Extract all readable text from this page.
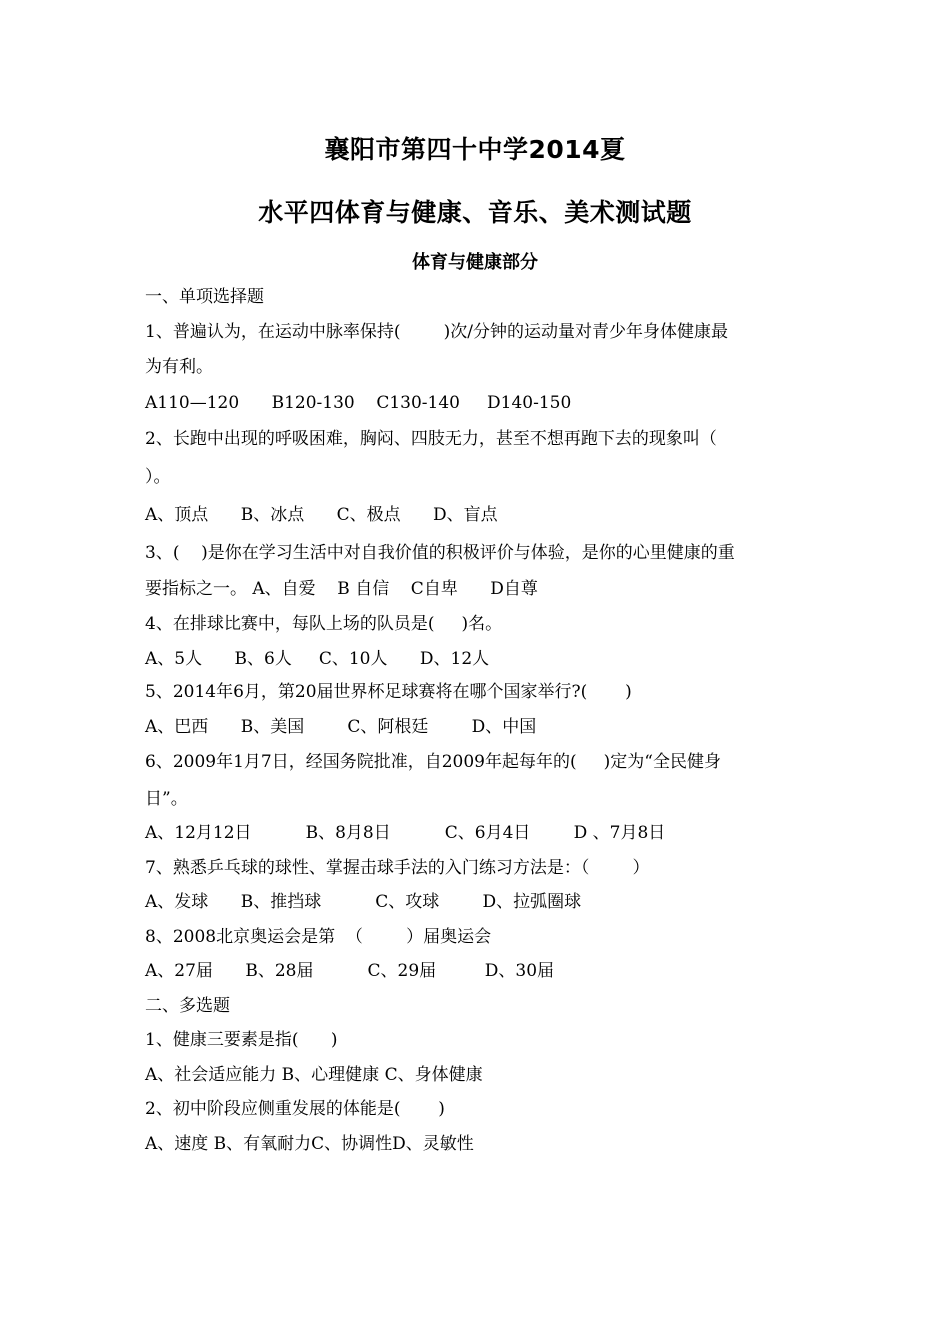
襄阳市第四十中学2014夏
水平四体育与健康、音乐、美术测试题
体育与健康部分
一、单项选择题
1、普遍认为，在运动中脉率保持(        )次/分钟的运动量对青少年身体健康最
为有利。
A110—120      B120-130    C130-140     D140-150
2、长跑中出现的呼吸困难，胸闷、四肢无力，甚至不想再跑下去的现象叫（
）。
A、顶点      B、冰点      C、极点      D、盲点
3、(    )是你在学习生活中对自我价值的积极评价与体验，是你的心里健康的重
要指标之一。 A、自爱    B 自信    C自卑      D自尊
4、在排球比赛中，每队上场的队员是(     )名。
A、5人      B、6人     C、10人      D、12人
5、2014年6月，第20届世界杯足球赛将在哪个国家举行?(       )
A、巴西      B、美国        C、阿根廷        D、中国
6、2009年1月7日，经国务院批准，自2009年起每年的(     )定为“全民健身
日”。
A、12月12日          B、8月8日          C、6月4日        D 、7月8日
7、熟悉乒乓球的球性、掌握击球手法的入门练习方法是：（        ）
A、发球      B、推挡球          C、攻球        D、拉弧圈球
8、2008北京奥运会是第  （        ）届奥运会
A、27届      B、28届          C、29届         D、30届
二、多选题
1、健康三要素是指(      )
A、社会适应能力 B、心理健康 C、身体健康
2、初中阶段应侧重发展的体能是(       )
A、速度 B、有氧耐力C、协调性D、灵敏性
